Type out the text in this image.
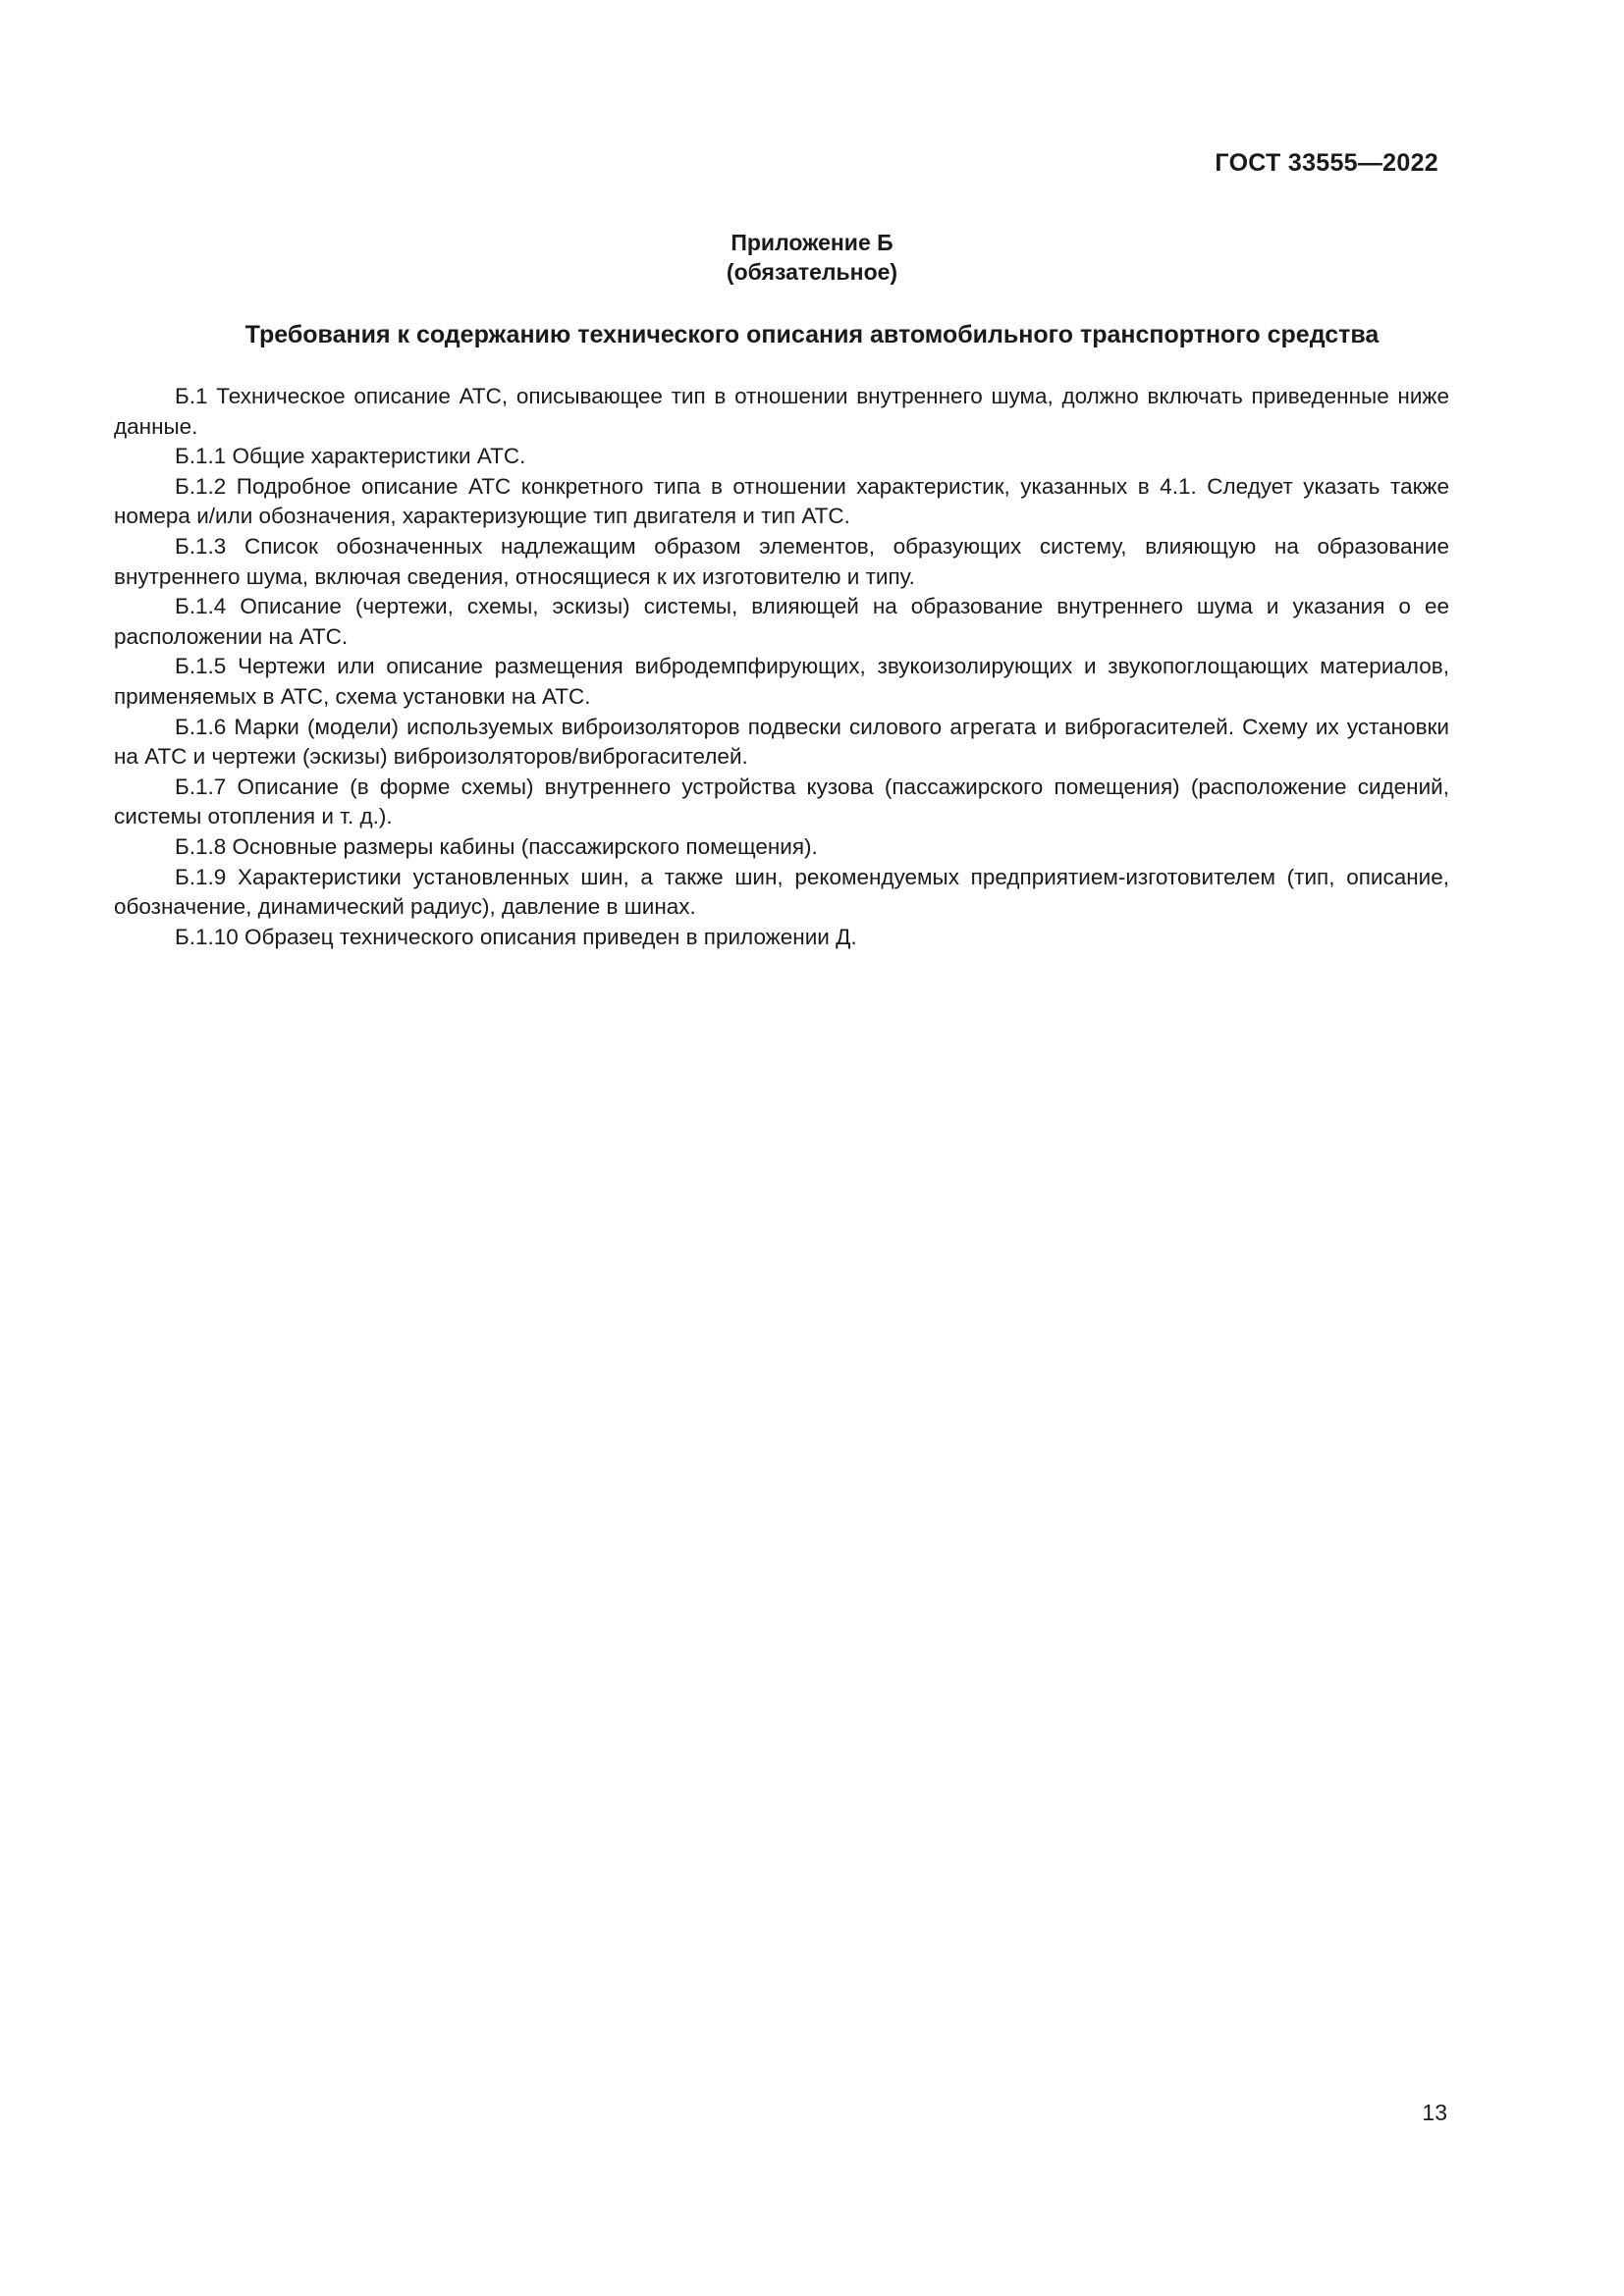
ГОСТ 33555—2022
Приложение Б
(обязательное)
Требования к содержанию технического описания автомобильного транспортного средства

Б.1 Техническое описание АТС, описывающее тип в отношении внутреннего шума, должно включать приведенные ниже данные.

Б.1.1 Общие характеристики АТС.

Б.1.2 Подробное описание АТС конкретного типа в отношении характеристик, указанных в 4.1. Следует указать также номера и/или обозначения, характеризующие тип двигателя и тип АТС.

Б.1.3 Список обозначенных надлежащим образом элементов, образующих систему, влияющую на образование внутреннего шума, включая сведения, относящиеся к их изготовителю и типу.

Б.1.4 Описание (чертежи, схемы, эскизы) системы, влияющей на образование внутреннего шума и указания о ее расположении на АТС.

Б.1.5 Чертежи или описание размещения вибродемпфирующих, звукоизолирующих и звукопоглощающих материалов, применяемых в АТС, схема установки на АТС.

Б.1.6 Марки (модели) используемых виброизоляторов подвески силового агрегата и виброгасителей. Схему их установки на АТС и чертежи (эскизы) виброизоляторов/виброгасителей.

Б.1.7 Описание (в форме схемы) внутреннего устройства кузова (пассажирского помещения) (расположение сидений, системы отопления и т. д.).

Б.1.8 Основные размеры кабины (пассажирского помещения).

Б.1.9 Характеристики установленных шин, а также шин, рекомендуемых предприятием-изготовителем (тип, описание, обозначение, динамический радиус), давление в шинах.

Б.1.10 Образец технического описания приведен в приложении Д.

13
